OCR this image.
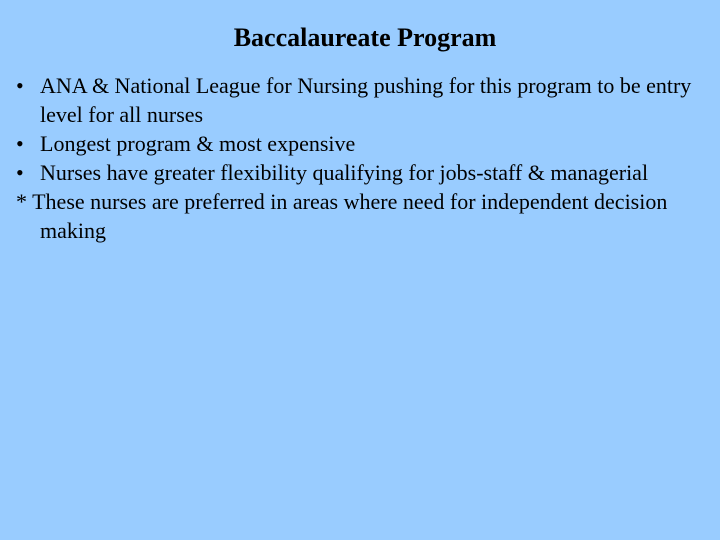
Baccalaureate Program
• ANA & National League for Nursing pushing for this program to be entry level for all nurses
• Longest program & most expensive
• Nurses have greater flexibility qualifying for jobs-staff & managerial
* These nurses are preferred in areas where need for independent decision making
